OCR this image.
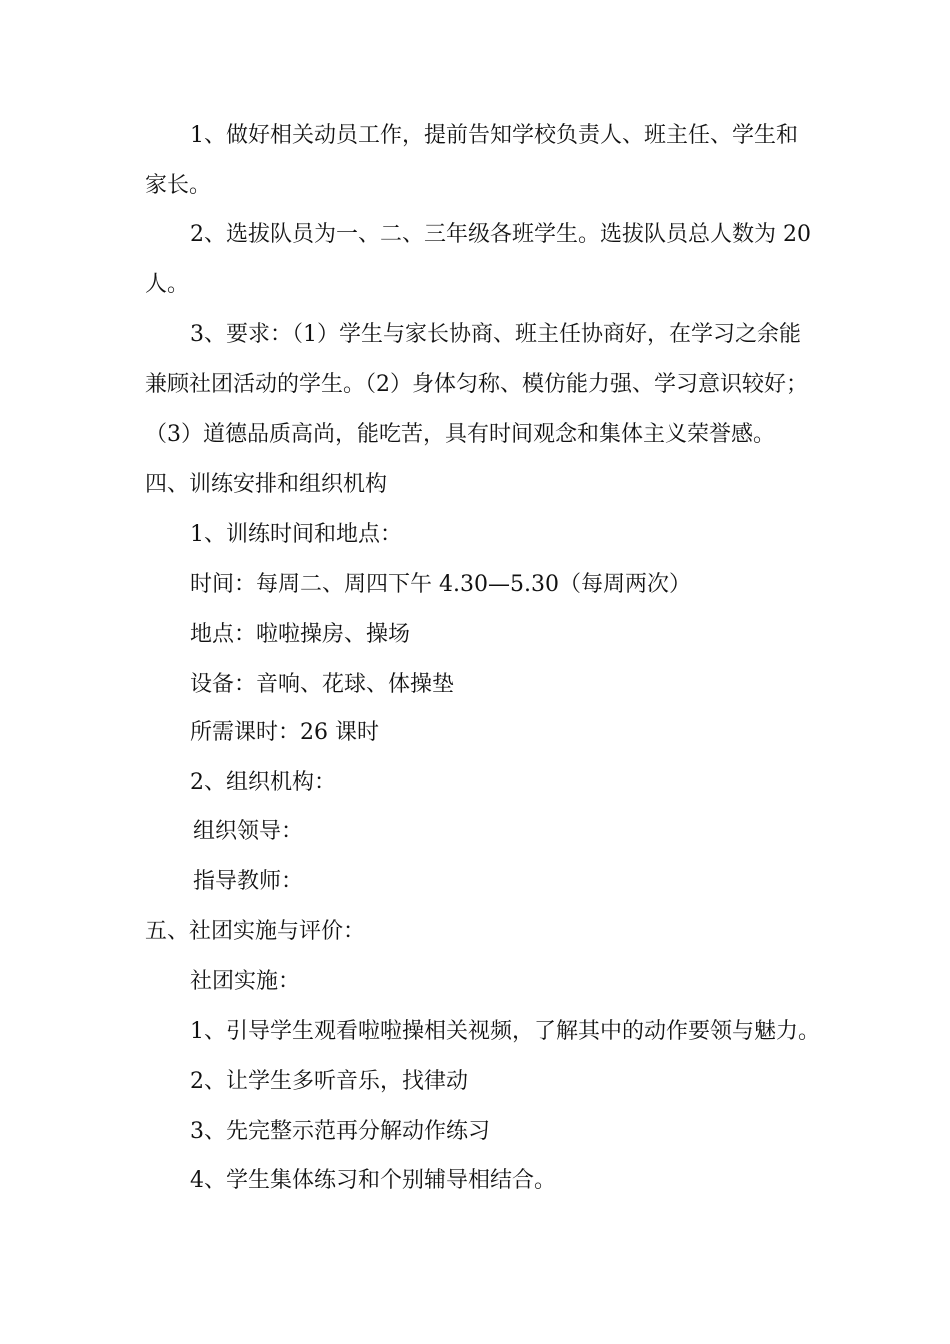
1、做好相关动员工作，提前告知学校负责人、班主任、学生和
家长。
2、选拔队员为一、二、三年级各班学生。选拔队员总人数为 20
人。
3、要求：（1）学生与家长协商、班主任协商好，在学习之余能
兼顾社团活动的学生。（2）身体匀称、模仿能力强、学习意识较好；
（3）道德品质高尚，能吃苦，具有时间观念和集体主义荣誉感。
四、训练安排和组织机构
1、训练时间和地点：
时间：每周二、周四下午 4.30—5.30（每周两次）
地点：啦啦操房、操场
设备：音响、花球、体操垫
所需课时：26 课时
2、组织机构：
组织领导：
指导教师：
五、社团实施与评价：
社团实施：
1、引导学生观看啦啦操相关视频，了解其中的动作要领与魅力。
2、让学生多听音乐，找律动
3、先完整示范再分解动作练习
4、学生集体练习和个别辅导相结合。
